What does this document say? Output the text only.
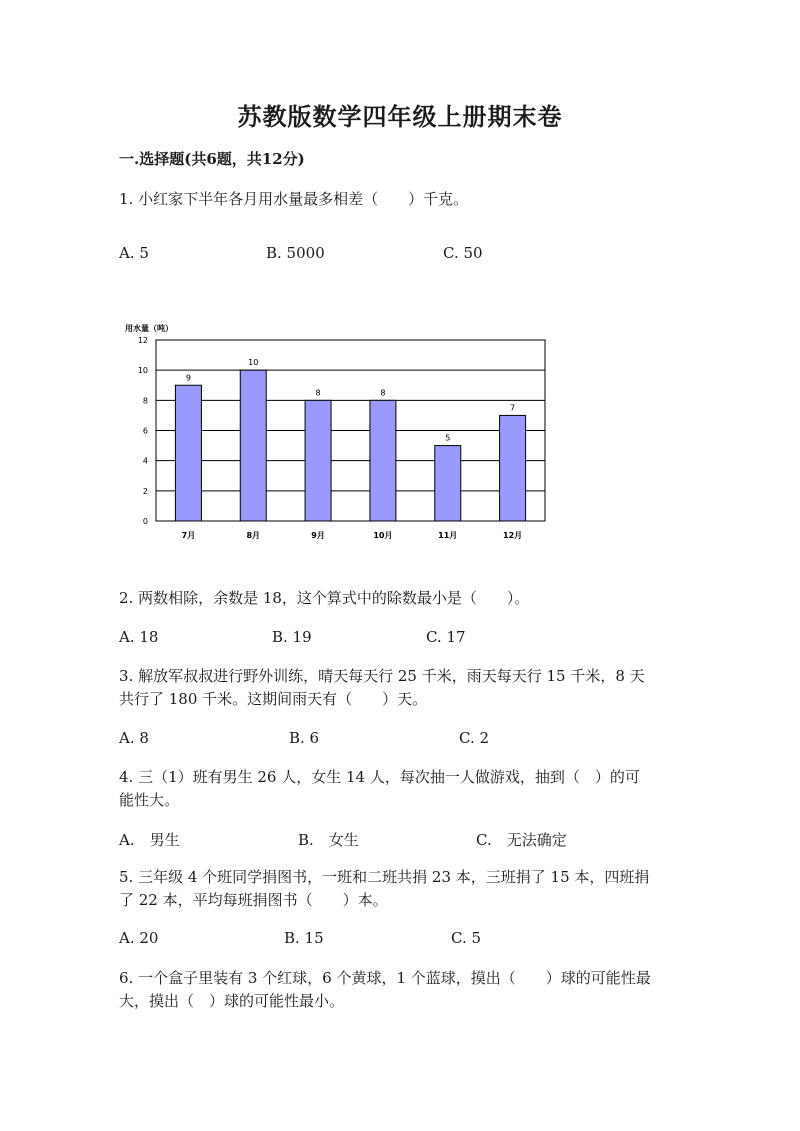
苏教版数学四年级上册期末卷
一.选择题(共6题，共12分)
1. 小红家下半年各月用水量最多相差（　　）千克。
A. 5	B. 5000	C. 50
用水量（吨）
0
2
4
6
8
10
12
9
10
8	8
5
7
7月	8月	9月	10月	11月	12月
2. 两数相除，余数是 18，这个算式中的除数最小是（　　）。
A. 18	B. 19	C. 17
3. 解放军叔叔进行野外训练，晴天每天行 25 千米，雨天每天行 15 千米，8 天
共行了 180 千米。这期间雨天有（　　）天。
A. 8	B. 6	C. 2
4. 三（1）班有男生 26 人，女生 14 人，每次抽一人做游戏，抽到（　）的可
能性大。
A.　男生	B.　女生	C.　无法确定
5. 三年级 4 个班同学捐图书，一班和二班共捐 23 本，三班捐了 15 本，四班捐
了 22 本，平均每班捐图书（　　）本。
A. 20	B. 15	C. 5
6. 一个盒子里装有 3 个红球，6 个黄球，1 个蓝球，摸出（　　）球的可能性最
大，摸出（　）球的可能性最小。
